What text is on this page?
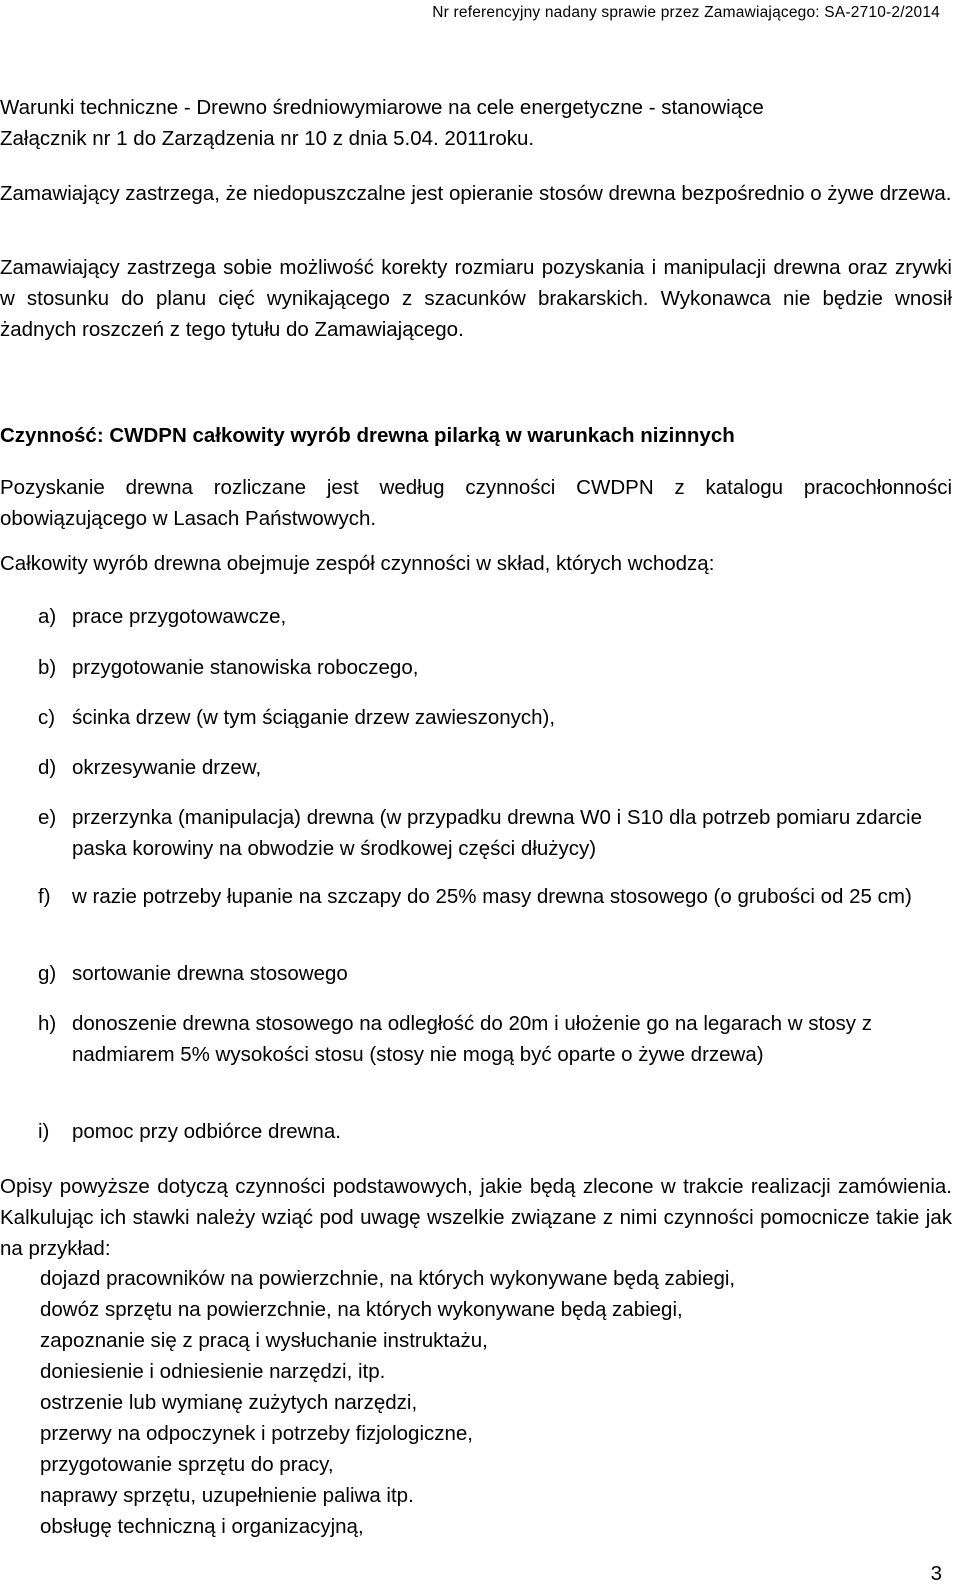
Nr referencyjny nadany sprawie przez Zamawiającego: SA-2710-2/2014
Warunki techniczne - Drewno średniowymiarowe na cele energetyczne - stanowiące
Załącznik nr 1 do Zarządzenia nr 10 z dnia 5.04. 2011roku.
Zamawiający zastrzega, że niedopuszczalne jest opieranie stosów drewna bezpośrednio o żywe drzewa.
Zamawiający zastrzega sobie możliwość korekty rozmiaru pozyskania i manipulacji drewna oraz zrywki w stosunku do planu cięć wynikającego z szacunków brakarskich. Wykonawca nie będzie wnosił żadnych roszczeń z tego tytułu do Zamawiającego.
Czynność: CWDPN całkowity wyrób drewna pilarką w warunkach nizinnych
Pozyskanie drewna rozliczane jest według czynności CWDPN z katalogu pracochłonności obowiązującego w Lasach Państwowych.
Całkowity wyrób drewna obejmuje zespół czynności w skład, których wchodzą:
a) prace przygotowawcze,
b) przygotowanie stanowiska roboczego,
c) ścinka drzew (w tym ściąganie drzew zawieszonych),
d) okrzesywanie drzew,
e) przerzynka (manipulacja) drewna (w przypadku drewna W0 i S10 dla potrzeb pomiaru zdarcie paska korowiny na obwodzie w środkowej części dłużycy)
f) w razie potrzeby łupanie na szczapy do 25% masy drewna stosowego (o grubości od 25 cm)
g) sortowanie drewna stosowego
h) donoszenie drewna stosowego na odległość do 20m i ułożenie go na legarach w stosy z nadmiarem 5% wysokości stosu (stosy nie mogą być oparte o żywe drzewa)
i) pomoc przy odbiórce drewna.
Opisy powyższe dotyczą czynności podstawowych, jakie będą zlecone w trakcie realizacji zamówienia. Kalkulując ich stawki należy wziąć pod uwagę wszelkie związane z nimi czynności pomocnicze takie jak na przykład:
dojazd pracowników na powierzchnie, na których wykonywane będą zabiegi,
dowóz sprzętu na powierzchnie, na których wykonywane będą zabiegi,
zapoznanie się z pracą i wysłuchanie instruktażu,
doniesienie i odniesienie narzędzi, itp.
ostrzenie lub wymianę zużytych narzędzi,
przerwy na odpoczynek i potrzeby fizjologiczne,
przygotowanie sprzętu do pracy,
naprawy sprzętu, uzupełnienie paliwa itp.
obsługę techniczną i organizacyjną,
3
